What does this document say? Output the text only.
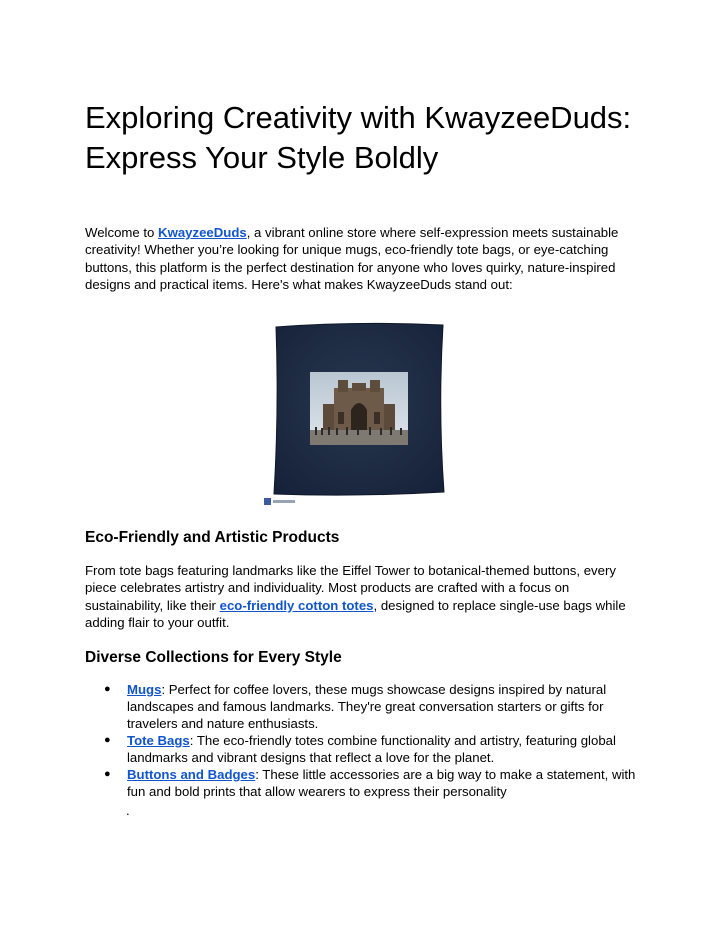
Exploring Creativity with KwayzeeDuds:
Express Your Style Boldly

Welcome to KwayzeeDuds, a vibrant online store where self-expression meets sustainable creativity! Whether you’re looking for unique mugs, eco-friendly tote bags, or eye-catching buttons, this platform is the perfect destination for anyone who loves quirky, nature-inspired designs and practical items. Here's what makes KwayzeeDuds stand out:

Eco-Friendly and Artistic Products

From tote bags featuring landmarks like the Eiffel Tower to botanical-themed buttons, every piece celebrates artistry and individuality. Most products are crafted with a focus on sustainability, like their eco-friendly cotton totes, designed to replace single-use bags while adding flair to your outfit.

Diverse Collections for Every Style
● Mugs: Perfect for coffee lovers, these mugs showcase designs inspired by natural landscapes and famous landmarks. They're great conversation starters or gifts for travelers and nature enthusiasts.
● Tote Bags: The eco-friendly totes combine functionality and artistry, featuring global landmarks and vibrant designs that reflect a love for the planet.
● Buttons and Badges: These little accessories are a big way to make a statement, with fun and bold prints that allow wearers to express their personality
.
